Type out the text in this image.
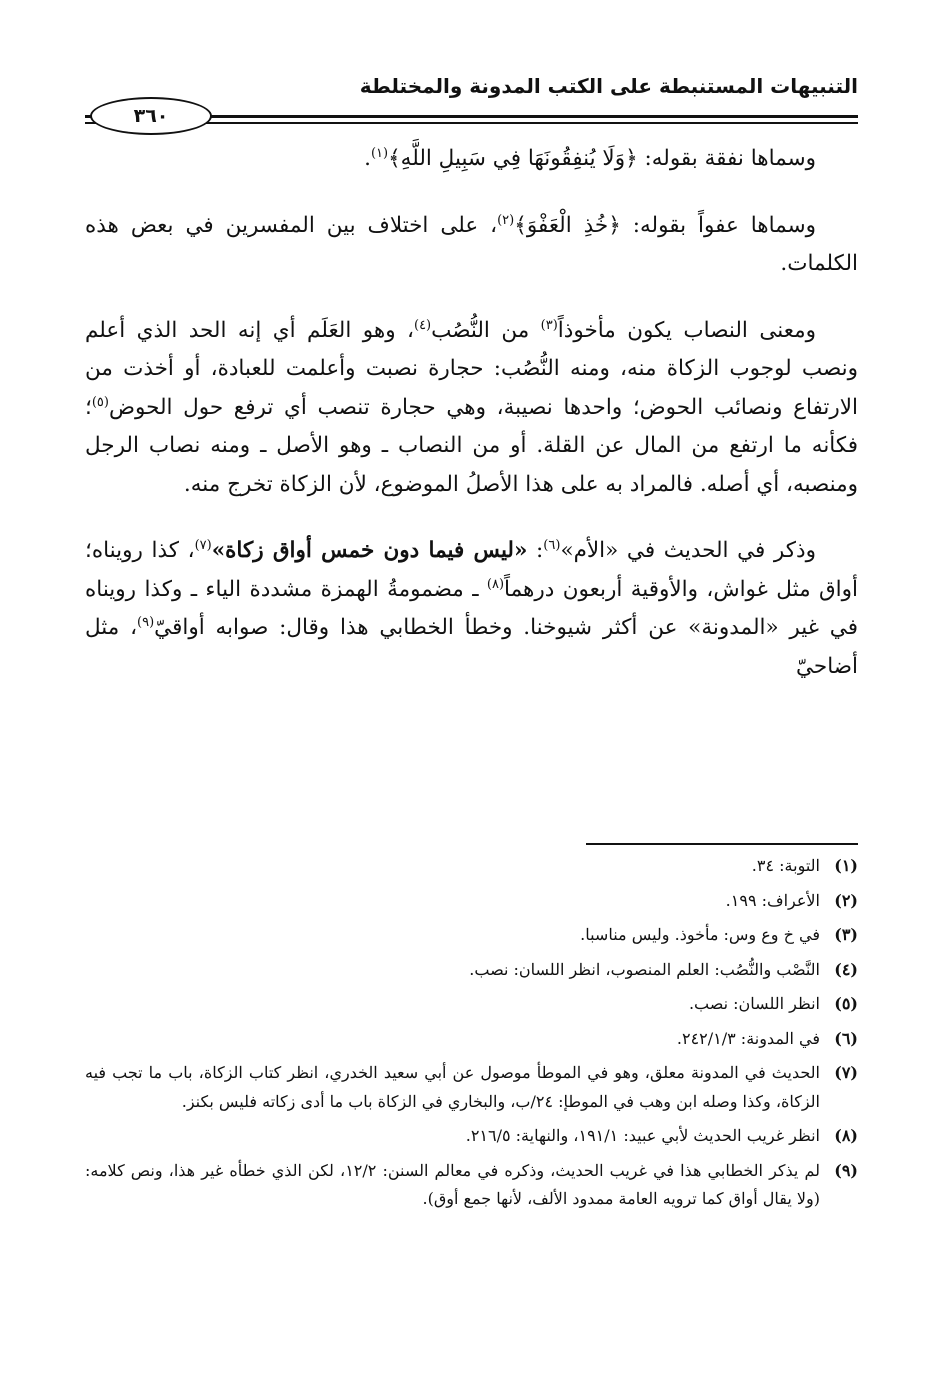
التنبيهات المستنبطة على الكتب المدونة والمختلطة
٣٦٠

وسماها نفقة بقوله: ﴿وَلَا يُنفِقُونَهَا فِي سَبِيلِ اللَّهِ﴾$^{(١)}$.

وسماها عفواً بقوله: ﴿خُذِ الْعَفْوَ﴾$^{(٢)}$، على اختلاف بين المفسرين في بعض هذه الكلمات.

ومعنى النصاب يكون مأخوذاً$^{(٣)}$ من النُّصُب$^{(٤)}$، وهو العَلَم أي إنه الحد الذي أعلم ونصب لوجوب الزكاة منه، ومنه النُّصُب: حجارة نصبت وأعلمت للعبادة، أو أخذت من الارتفاع ونصائب الحوض؛ واحدها نصيبة، وهي حجارة تنصب أي ترفع حول الحوض$^{(٥)}$؛ فكأنه ما ارتفع من المال عن القلة. أو من النصاب ـ وهو الأصل ـ ومنه نصاب الرجل ومنصبه، أي أصله. فالمراد به على هذا الأصلُ الموضوع، لأن الزكاة تخرج منه.

وذكر في الحديث في «الأم»$^{(٦)}$: «ليس فيما دون خمس أواق زكاة»$^{(٧)}$، كذا رويناه؛ أواق مثل غواش، والأوقية أربعون درهماً$^{(٨)}$ ـ مضمومةُ الهمزة مشددة الياء ـ وكذا رويناه في غير «المدونة» عن أكثر شيوخنا. وخطأ الخطابي هذا وقال: صوابه أواقيّ$^{(٩)}$، مثل أضاحيّ

(١)
التوبة: ٣٤.
(٢)
الأعراف: ١٩٩.
(٣)
في خ وع وس: مأخوذ. وليس مناسبا.
(٤)
النَّصْب والنُّصُب: العلم المنصوب، انظر اللسان: نصب.
(٥)
انظر اللسان: نصب.
(٦)
في المدونة: ٢٤٢/١/٣.
(٧)
الحديث في المدونة معلق، وهو في الموطأ موصول عن أبي سعيد الخدري، انظر كتاب الزكاة، باب ما تجب فيه الزكاة، وكذا وصله ابن وهب في الموطإ: ٢٤/ب، والبخاري في الزكاة باب ما أدى زكاته فليس بكنز.
(٨)
انظر غريب الحديث لأبي عبيد: ١٩١/١، والنهاية: ٢١٦/٥.
(٩)
لم يذكر الخطابي هذا في غريب الحديث، وذكره في معالم السنن: ١٢/٢، لكن الذي خطأه غير هذا، ونص كلامه: (ولا يقال أواق كما ترويه العامة ممدود الألف، لأنها جمع أوق).
